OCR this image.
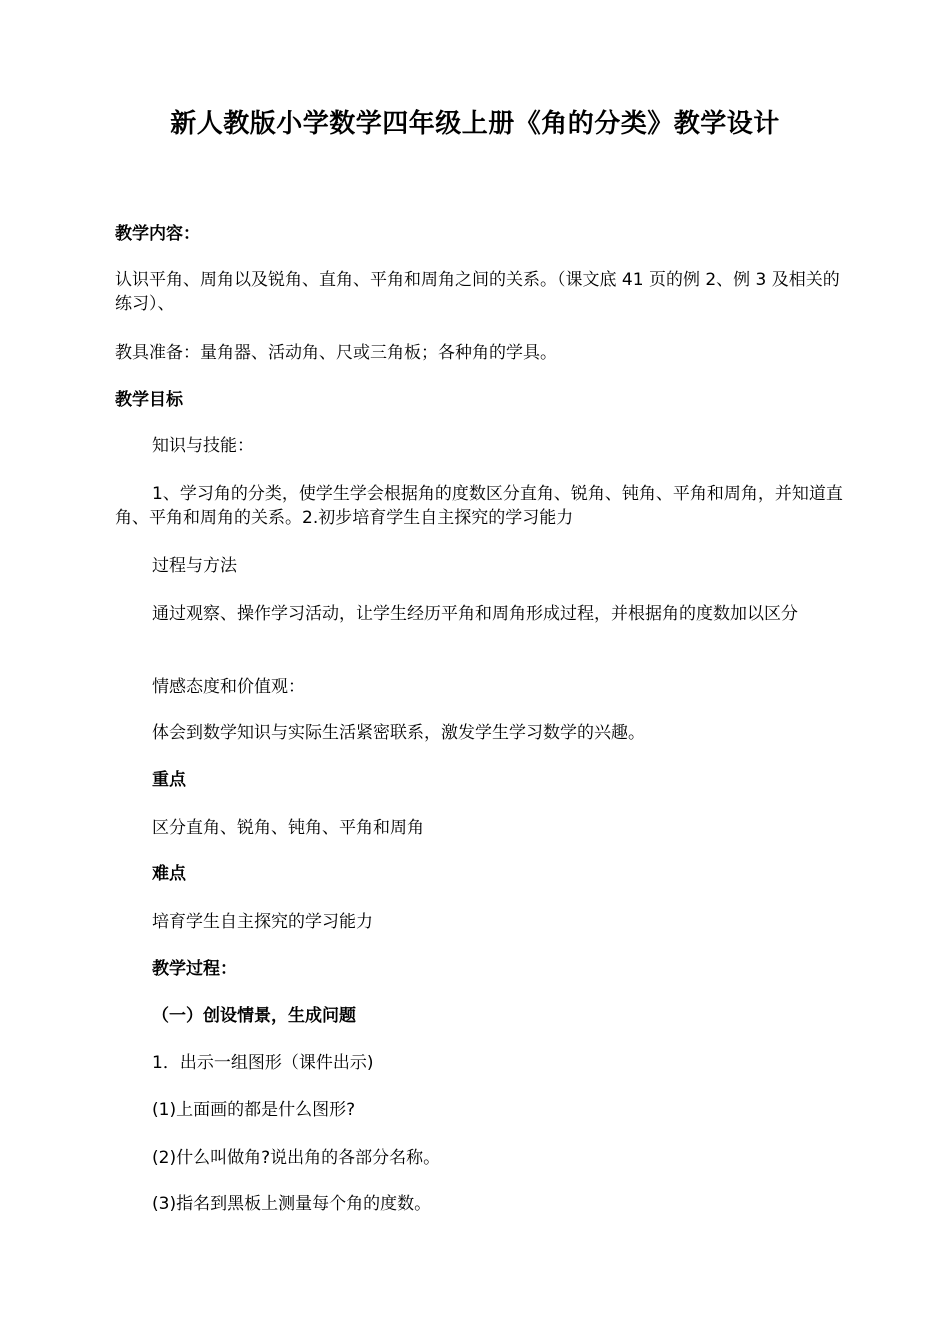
新人教版小学数学四年级上册《角的分类》教学设计
教学内容：
认识平角、周角以及锐角、直角、平角和周角之间的关系。（课文底 41 页的例 2、例 3 及相关的练习）、
教具准备：量角器、活动角、尺或三角板；各种角的学具。
教学目标
知识与技能：
1、学习角的分类，使学生学会根据角的度数区分直角、锐角、钝角、平角和周角，并知道直角、平角和周角的关系。2.初步培育学生自主探究的学习能力
过程与方法
通过观察、操作学习活动，让学生经历平角和周角形成过程，并根据角的度数加以区分
情感态度和价值观：
体会到数学知识与实际生活紧密联系，激发学生学习数学的兴趣。
重点
区分直角、锐角、钝角、平角和周角
难点
培育学生自主探究的学习能力
教学过程：
（一）创设情景，生成问题
1．出示一组图形（课件出示)
(1)上面画的都是什么图形?
(2)什么叫做角?说出角的各部分名称。
(3)指名到黑板上测量每个角的度数。
